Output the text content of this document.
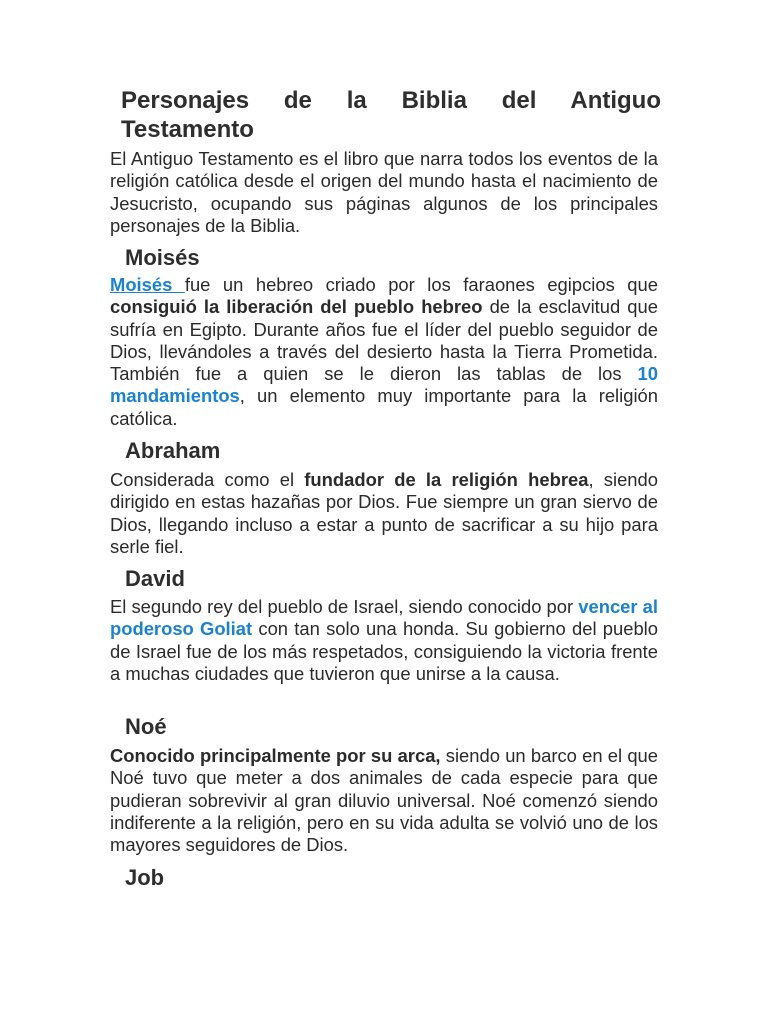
Personajes de la Biblia del Antiguo
Testamento

El Antiguo Testamento es el libro que narra todos los eventos de la religión católica desde el origen del mundo hasta el nacimiento de Jesucristo, ocupando sus páginas algunos de los principales personajes de la Biblia.

Moisés

Moisés fue un hebreo criado por los faraones egipcios que consiguió la liberación del pueblo hebreo de la esclavitud que sufría en Egipto. Durante años fue el líder del pueblo seguidor de Dios, llevándoles a través del desierto hasta la Tierra Prometida. También fue a quien se le dieron las tablas de los 10 mandamientos, un elemento muy importante para la religión católica.

Abraham

Considerada como el fundador de la religión hebrea, siendo dirigido en estas hazañas por Dios. Fue siempre un gran siervo de Dios, llegando incluso a estar a punto de sacrificar a su hijo para serle fiel.

David

El segundo rey del pueblo de Israel, siendo conocido por vencer al poderoso Goliat con tan solo una honda. Su gobierno del pueblo de Israel fue de los más respetados, consiguiendo la victoria frente a muchas ciudades que tuvieron que unirse a la causa.

Noé

Conocido principalmente por su arca, siendo un barco en el que Noé tuvo que meter a dos animales de cada especie para que pudieran sobrevivir al gran diluvio universal. Noé comenzó siendo indiferente a la religión, pero en su vida adulta se volvió uno de los mayores seguidores de Dios.

Job
